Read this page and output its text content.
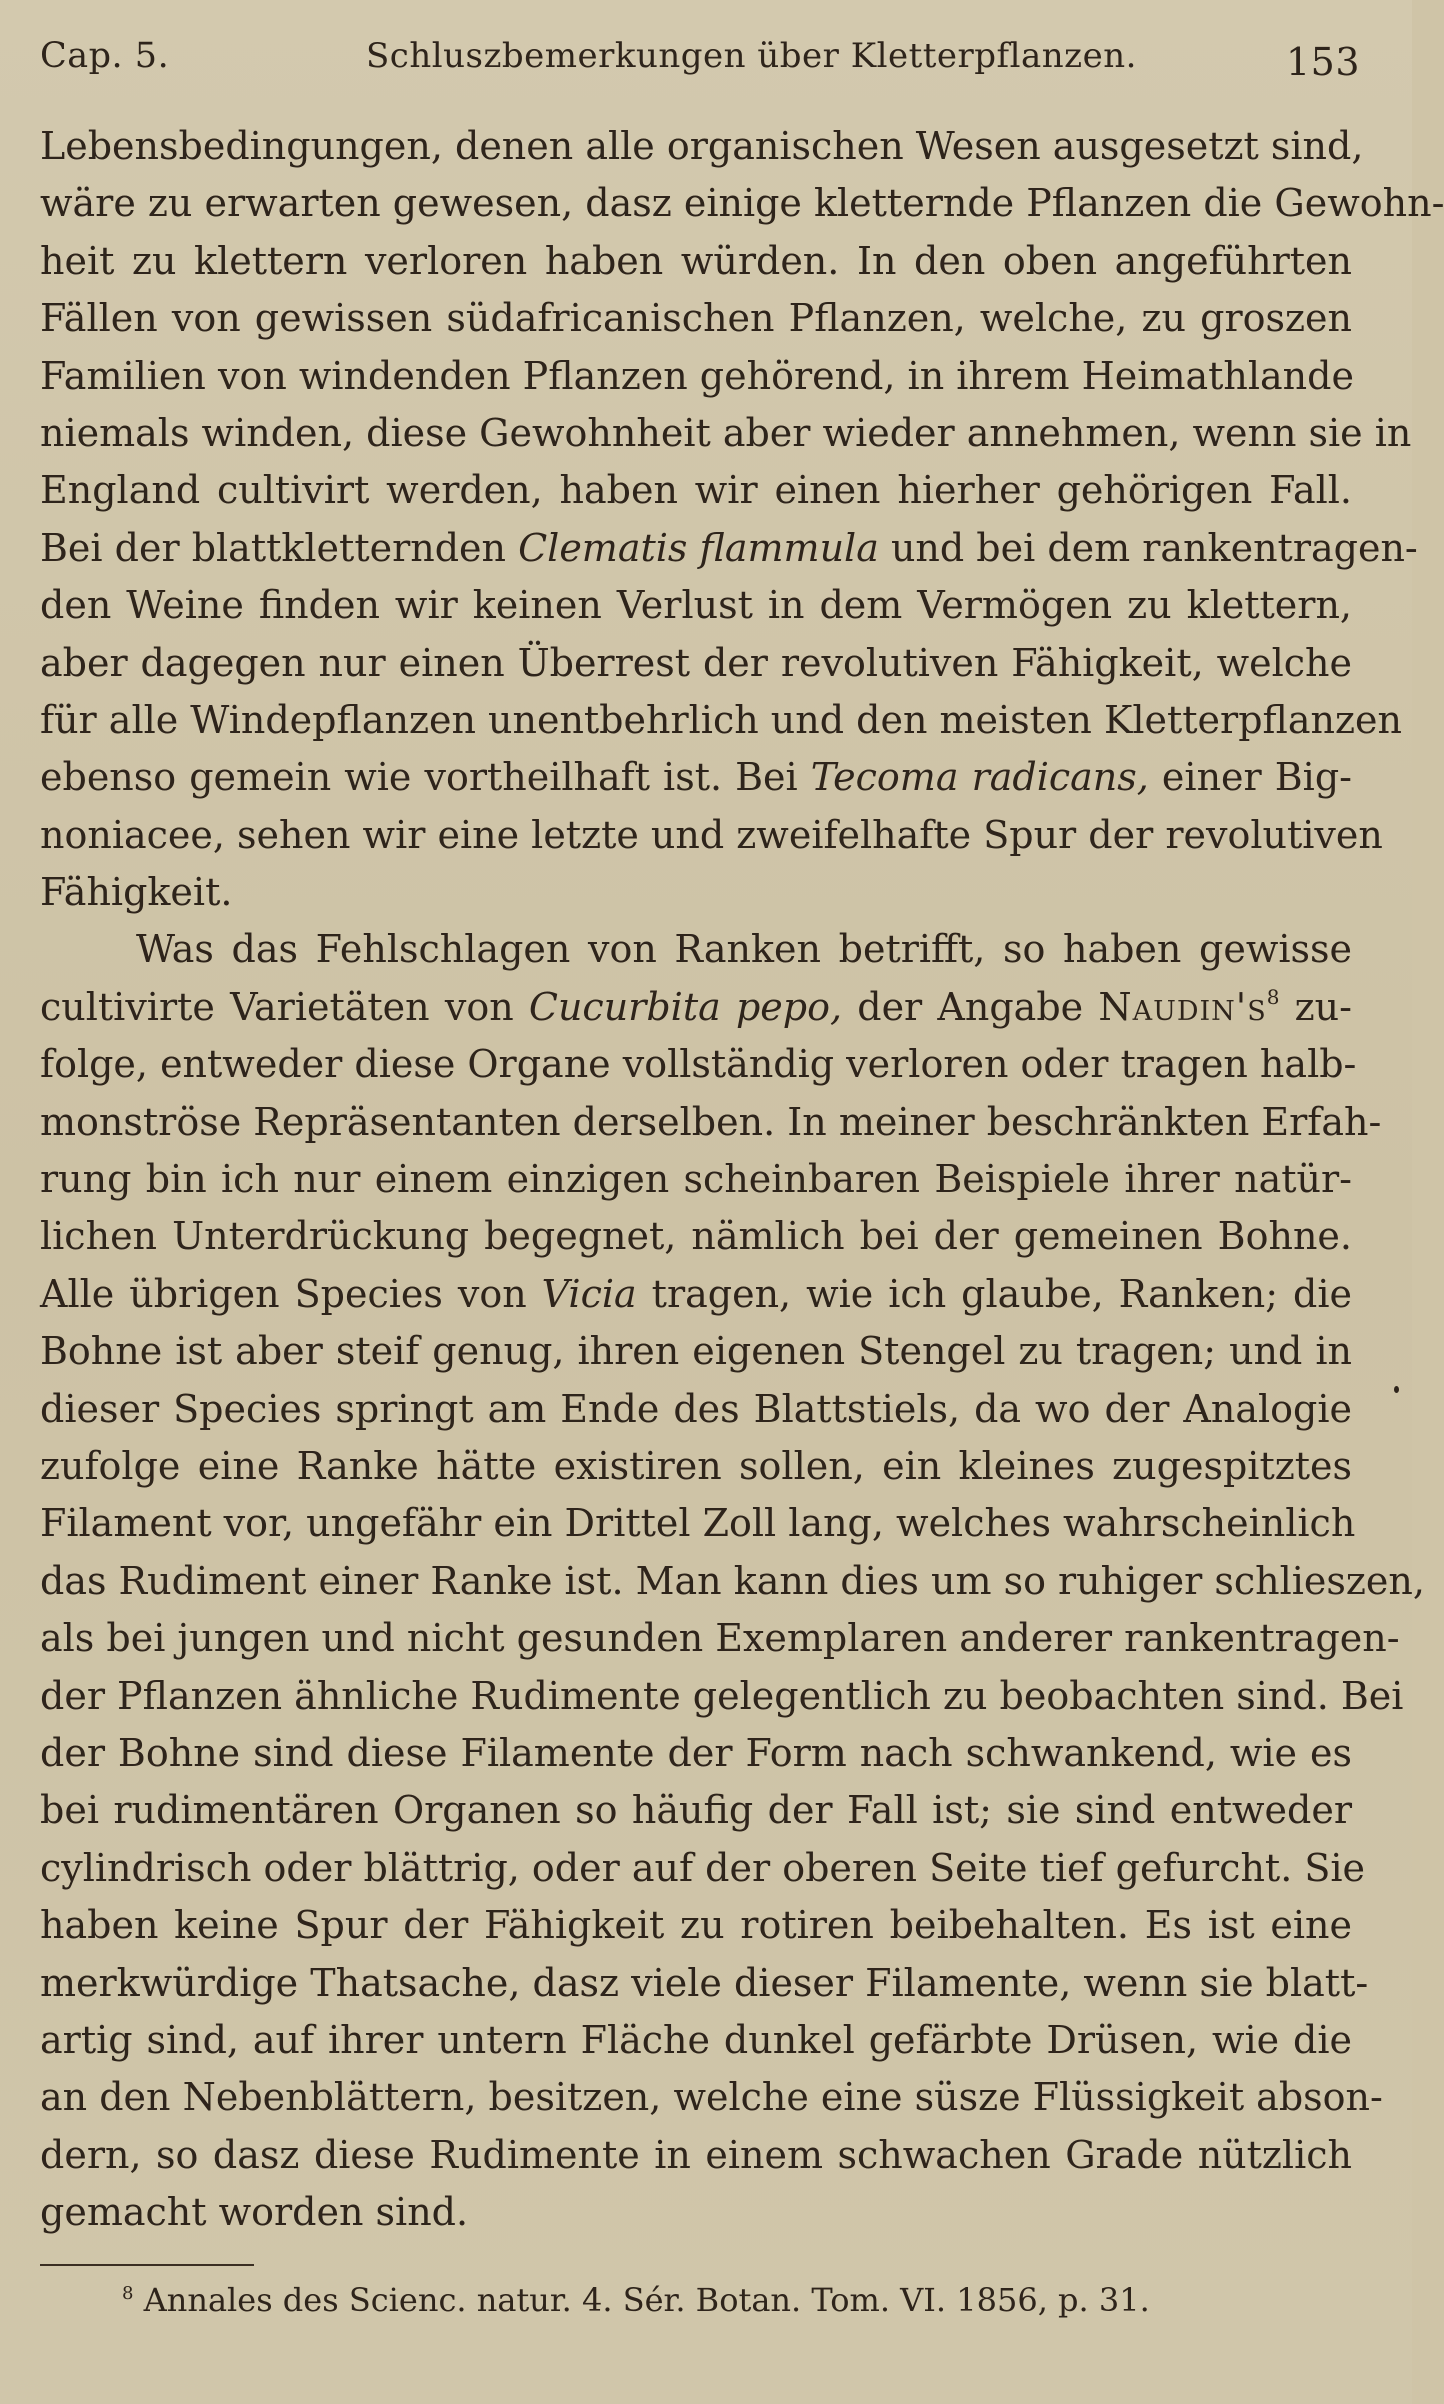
Cap. 5.	Schluszbemerkungen über Kletterpflanzen.	153
Lebensbedingungen, denen alle organischen Wesen ausgesetzt sind,
wäre zu erwarten gewesen, dasz einige kletternde Pflanzen die Gewohn-
heit zu klettern verloren haben würden. In den oben angeführten
Fällen von gewissen südafricanischen Pflanzen, welche, zu groszen
Familien von windenden Pflanzen gehörend, in ihrem Heimathlande
niemals winden, diese Gewohnheit aber wieder annehmen, wenn sie in
England cultivirt werden, haben wir einen hierher gehörigen Fall.
Bei der blattkletternden Clematis flammula und bei dem rankentragen-
den Weine finden wir keinen Verlust in dem Vermögen zu klettern,
aber dagegen nur einen Überrest der revolutiven Fähigkeit, welche
für alle Windepflanzen unentbehrlich und den meisten Kletterpflanzen
ebenso gemein wie vortheilhaft ist. Bei Tecoma radicans, einer Big-
noniacee, sehen wir eine letzte und zweifelhafte Spur der revolutiven
Fähigkeit.
Was das Fehlschlagen von Ranken betrifft, so haben gewisse
cultivirte Varietäten von Cucurbita pepo, der Angabe $Naudin's^8$ zu-
folge, entweder diese Organe vollständig verloren oder tragen halb-
monströse Repräsentanten derselben. In meiner beschränkten Erfah-
rung bin ich nur einem einzigen scheinbaren Beispiele ihrer natür-
lichen Unterdrückung begegnet, nämlich bei der gemeinen Bohne.
Alle übrigen Species von Vicia tragen, wie ich glaube, Ranken; die
Bohne ist aber steif genug, ihren eigenen Stengel zu tragen; und in
dieser Species springt am Ende des Blattstiels, da wo der Analogie
zufolge eine Ranke hätte existiren sollen, ein kleines zugespitztes
Filament vor, ungefähr ein Drittel Zoll lang, welches wahrscheinlich
das Rudiment einer Ranke ist. Man kann dies um so ruhiger schlieszen,
als bei jungen und nicht gesunden Exemplaren anderer rankentragen-
der Pflanzen ähnliche Rudimente gelegentlich zu beobachten sind. Bei
der Bohne sind diese Filamente der Form nach schwankend, wie es
bei rudimentären Organen so häufig der Fall ist; sie sind entweder
cylindrisch oder blättrig, oder auf der oberen Seite tief gefurcht. Sie
haben keine Spur der Fähigkeit zu rotiren beibehalten. Es ist eine
merkwürdige Thatsache, dasz viele dieser Filamente, wenn sie blatt-
artig sind, auf ihrer untern Fläche dunkel gefärbte Drüsen, wie die
an den Nebenblättern, besitzen, welche eine süsze Flüssigkeit abson-
dern, so dasz diese Rudimente in einem schwachen Grade nützlich
gemacht worden sind.
$^8$ Annales des Scienc. natur. 4. Sér. Botan. Tom. VI. 1856, p. 31.
